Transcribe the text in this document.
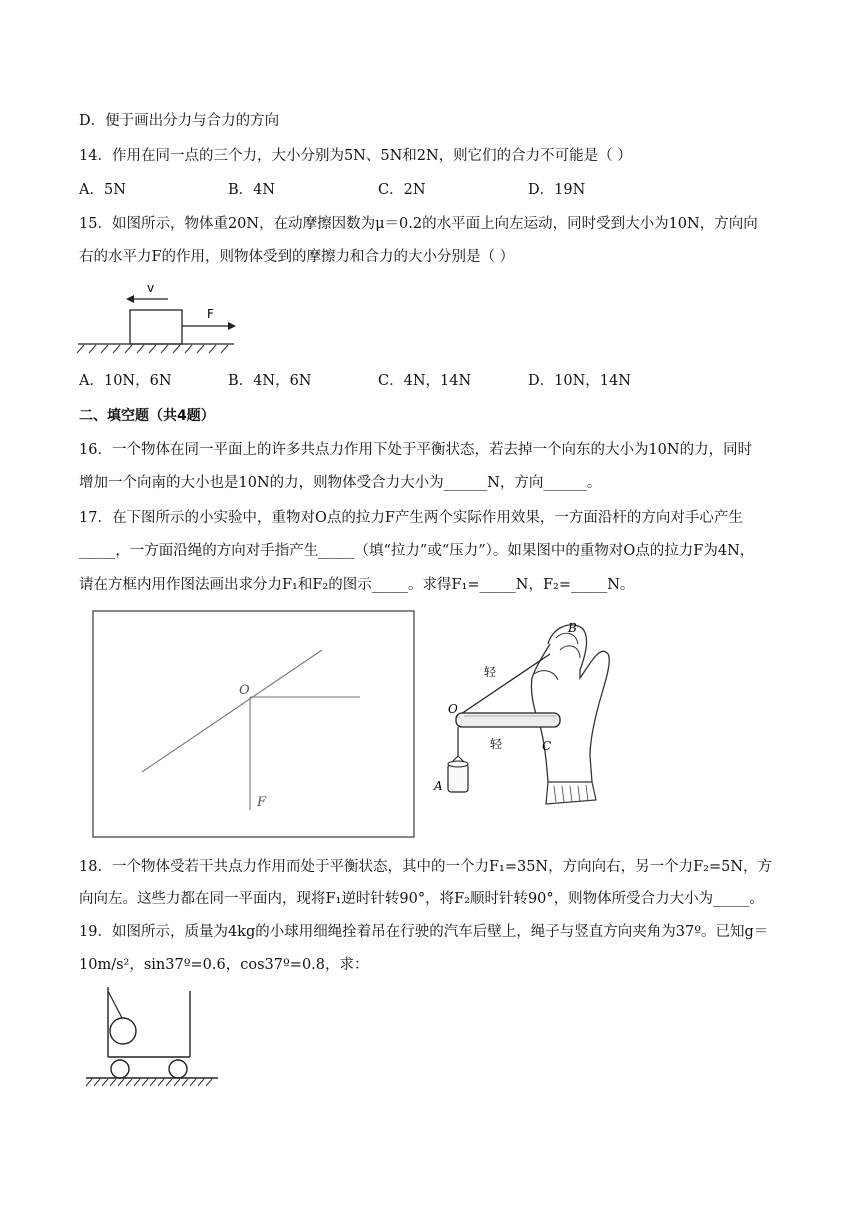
D．便于画出分力与合力的方向
14．作用在同一点的三个力，大小分别为5N、5N和2N，则它们的合力不可能是（ ）
A．5N	B．4N	C．2N	D．19N
15．如图所示，物体重20N，在动摩擦因数为μ＝0.2的水平面上向左运动，同时受到大小为10N，方向向
右的水平力F的作用，则物体受到的摩擦力和合力的大小分别是（ ）
v
F
A．10N，6N	B．4N，6N	C．4N，14N	D．10N，14N
二、填空题（共4题）
16．一个物体在同一平面上的许多共点力作用下处于平衡状态，若去掉一个向东的大小为10N的力，同时
增加一个向南的大小也是10N的力，则物体受合力大小为______N，方向______。
17．在下图所示的小实验中，重物对O点的拉力F产生两个实际作用效果，一方面沿杆的方向对手心产生
_____，一方面沿绳的方向对手指产生_____（填“拉力”或“压力”）。如果图中的重物对O点的拉力F为4N，
请在方框内用作图法画出求分力F₁和F₂的图示_____。求得F₁=_____N，F₂=_____N。
O
F
O
B
C
A
轻
轻
18．一个物体受若干共点力作用而处于平衡状态，其中的一个力F₁=35N，方向向右，另一个力F₂=5N，方
向向左。这些力都在同一平面内，现将F₁逆时针转90°，将F₂顺时针转90°，则物体所受合力大小为_____。
19．如图所示，质量为4kg的小球用细绳拴着吊在行驶的汽车后壁上，绳子与竖直方向夹角为37º。已知g＝
10m/s²，sin37º=0.6，cos37º=0.8，求：
